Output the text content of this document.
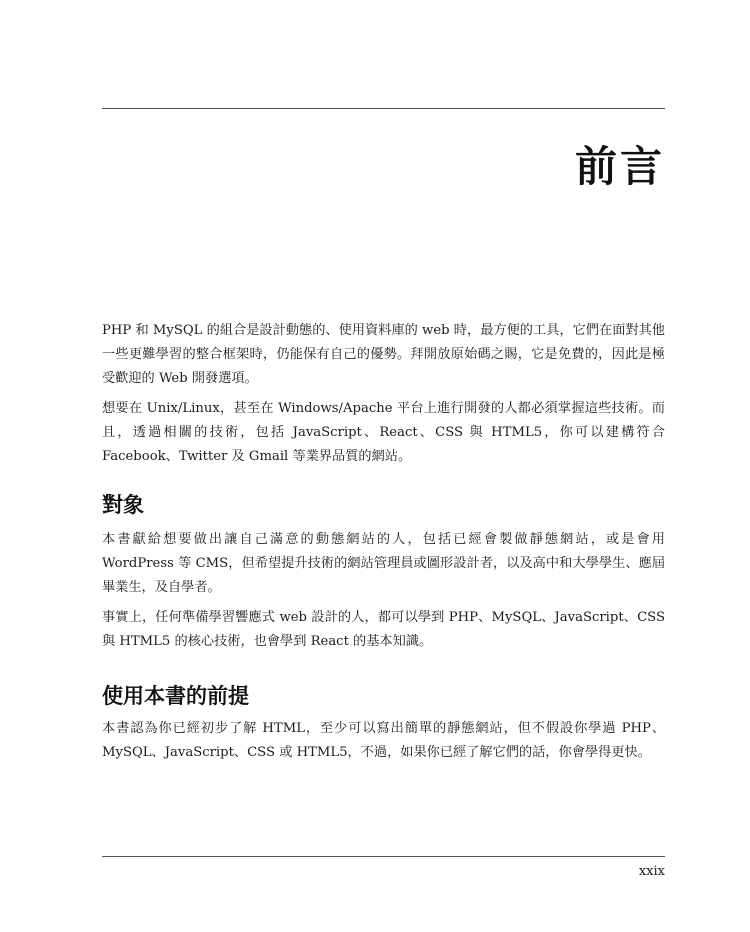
前言

PHP 和 MySQL 的組合是設計動態的、使用資料庫的 web 時，最方便的工具，它們在面對其他一些更難學習的整合框架時，仍能保有自己的優勢。拜開放原始碼之賜，它是免費的，因此是極受歡迎的 Web 開發選項。

想要在 Unix/Linux，甚至在 Windows/Apache 平台上進行開發的人都必須掌握這些技術。而且，透過相關的技術，包括 JavaScript、React、CSS 與 HTML5，你可以建構符合 Facebook、Twitter 及 Gmail 等業界品質的網站。

對象

本書獻給想要做出讓自己滿意的動態網站的人，包括已經會製做靜態網站，或是會用 WordPress 等 CMS，但希望提升技術的網站管理員或圖形設計者，以及高中和大學學生、應屆畢業生，及自學者。

事實上，任何準備學習響應式 web 設計的人，都可以學到 PHP、MySQL、JavaScript、CSS 與 HTML5 的核心技術，也會學到 React 的基本知識。

使用本書的前提

本書認為你已經初步了解 HTML，至少可以寫出簡單的靜態網站，但不假設你學過 PHP、MySQL、JavaScript、CSS 或 HTML5，不過，如果你已經了解它們的話，你會學得更快。

xxix
